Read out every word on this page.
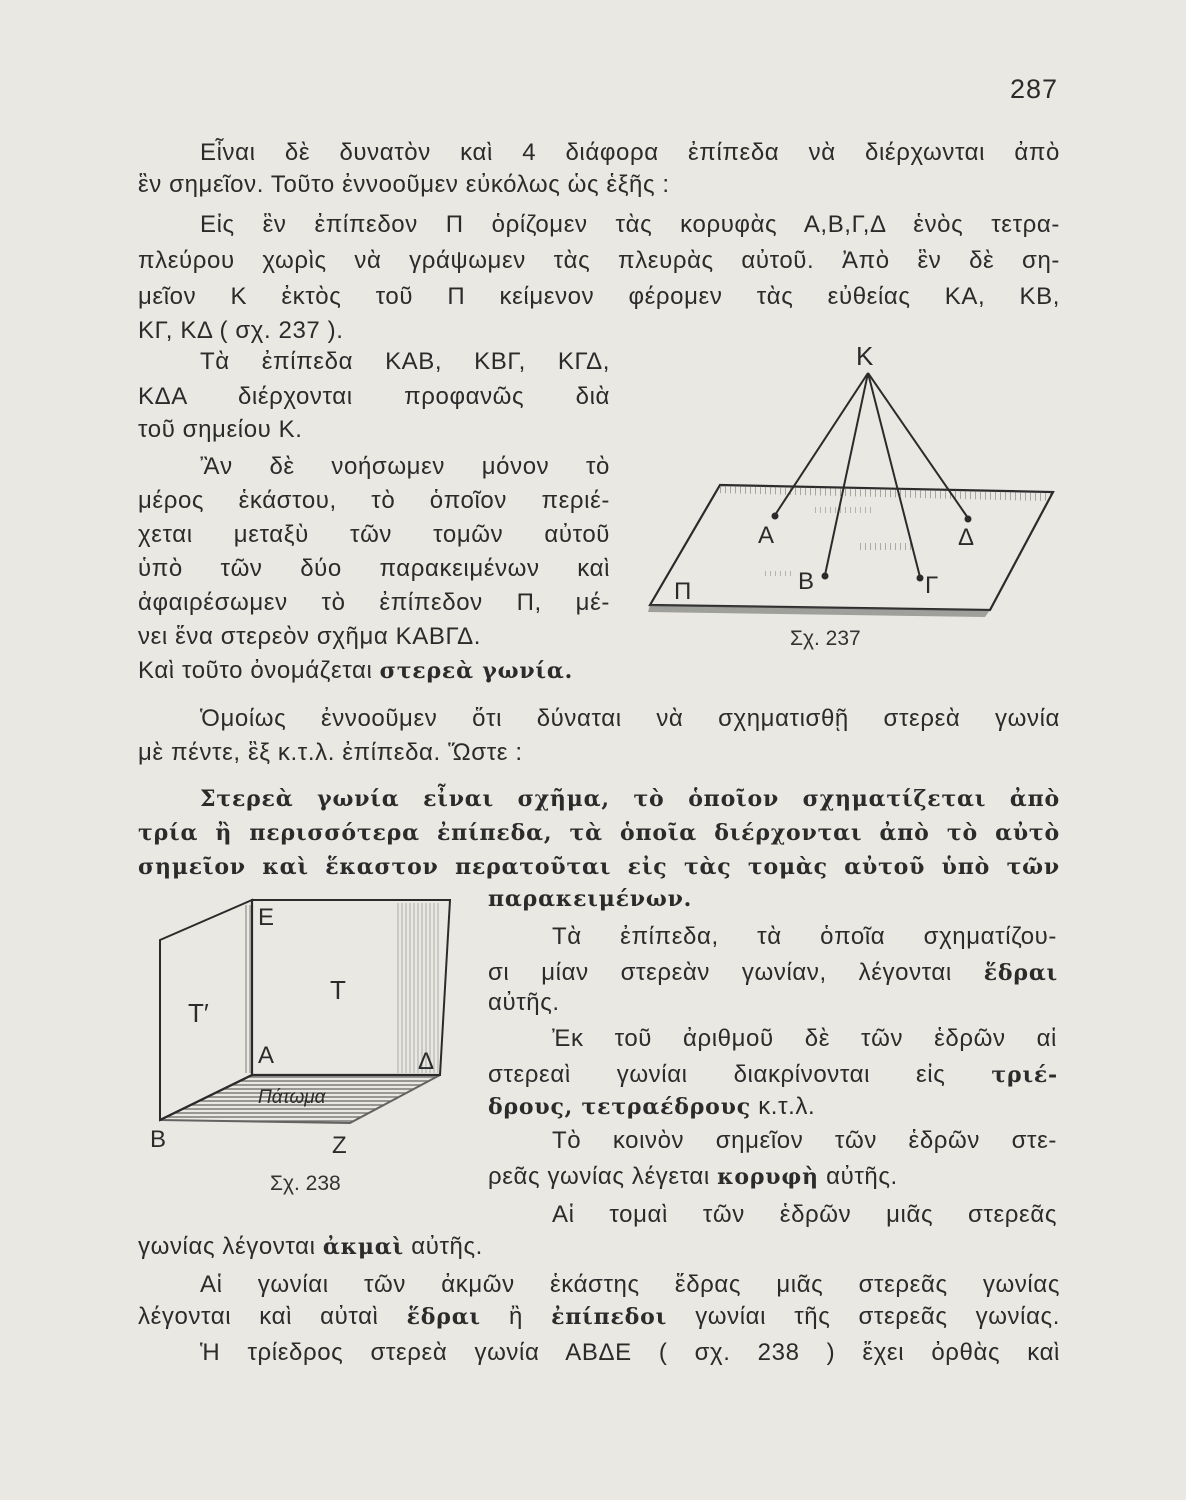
287
Εἶναι δὲ δυνατὸν καὶ 4 διάφορα ἐπίπεδα νὰ διέρχωνται ἀπὸ
ἓν σημεῖον. Τοῦτο ἐννοοῦμεν εὐκόλως ὡς ἑξῆς :
Εἰς ἓν ἐπίπεδον Π ὁρίζομεν τὰς κορυφὰς Α,Β,Γ,Δ ἑνὸς τετρα-
πλεύρου χωρὶς νὰ γράψωμεν τὰς πλευρὰς αὐτοῦ. Ἀπὸ ἓν δὲ ση-
μεῖον Κ ἐκτὸς τοῦ Π κείμενον φέρομεν τὰς εὐθείας ΚΑ, ΚΒ,
ΚΓ, ΚΔ ( σχ. 237 ).
Τὰ ἐπίπεδα ΚΑΒ, ΚΒΓ, ΚΓΔ,
ΚΔΑ διέρχονται προφανῶς διὰ
τοῦ σημείου Κ.
Ἂν δὲ νοήσωμεν μόνον τὸ
μέρος ἑκάστου, τὸ ὁποῖον περιέ-
χεται μεταξὺ τῶν τομῶν αὐτοῦ
ὑπὸ τῶν δύο παρακειμένων καὶ
ἀφαιρέσωμεν τὸ ἐπίπεδον Π, μέ-
νει ἕνα στερεὸν σχῆμα ΚΑΒΓΔ.
Καὶ τοῦτο ὀνομάζεται στερεὰ γωνία.
Κ
Α
Β	Γ
Δ
Π
Σχ. 237
Ὁμοίως ἐννοοῦμεν ὅτι δύναται νὰ σχηματισθῇ στερεὰ γωνία
μὲ πέντε, ἓξ κ.τ.λ. ἐπίπεδα. Ὥστε :
Στερεὰ γωνία εἶναι σχῆμα, τὸ ὁποῖον σχηματίζεται ἀπὸ
τρία ἢ περισσότερα ἐπίπεδα, τὰ ὁποῖα διέρχονται ἀπὸ τὸ αὐτὸ
σημεῖον καὶ ἕκαστον περατοῦται εἰς τὰς τομὰς αὐτοῦ ὑπὸ τῶν
παρακειμένων.
Ε
Τ
Τ′
Α	Δ
Πάτωμα
Β	Ζ
Σχ. 238
Τὰ ἐπίπεδα, τὰ ὁποῖα σχηματίζου-
σι μίαν στερεὰν γωνίαν, λέγονται ἕδραι
αὐτῆς.
Ἐκ τοῦ ἀριθμοῦ δὲ τῶν ἑδρῶν αἱ
στερεαὶ γωνίαι διακρίνονται εἰς τριέ-
δρους, τετραέδρους κ.τ.λ.
Τὸ κοινὸν σημεῖον τῶν ἑδρῶν στε-
ρεᾶς γωνίας λέγεται κορυφὴ αὐτῆς.
Αἱ τομαὶ τῶν ἑδρῶν μιᾶς στερεᾶς
γωνίας λέγονται ἀκμαὶ αὐτῆς.
Αἱ γωνίαι τῶν ἀκμῶν ἑκάστης ἕδρας μιᾶς στερεᾶς γωνίας
λέγονται καὶ αὐταὶ ἕδραι ἢ ἐπίπεδοι γωνίαι τῆς στερεᾶς γωνίας.
Ἡ τρίεδρος στερεὰ γωνία ΑΒΔΕ ( σχ. 238 ) ἔχει ὀρθὰς καὶ
